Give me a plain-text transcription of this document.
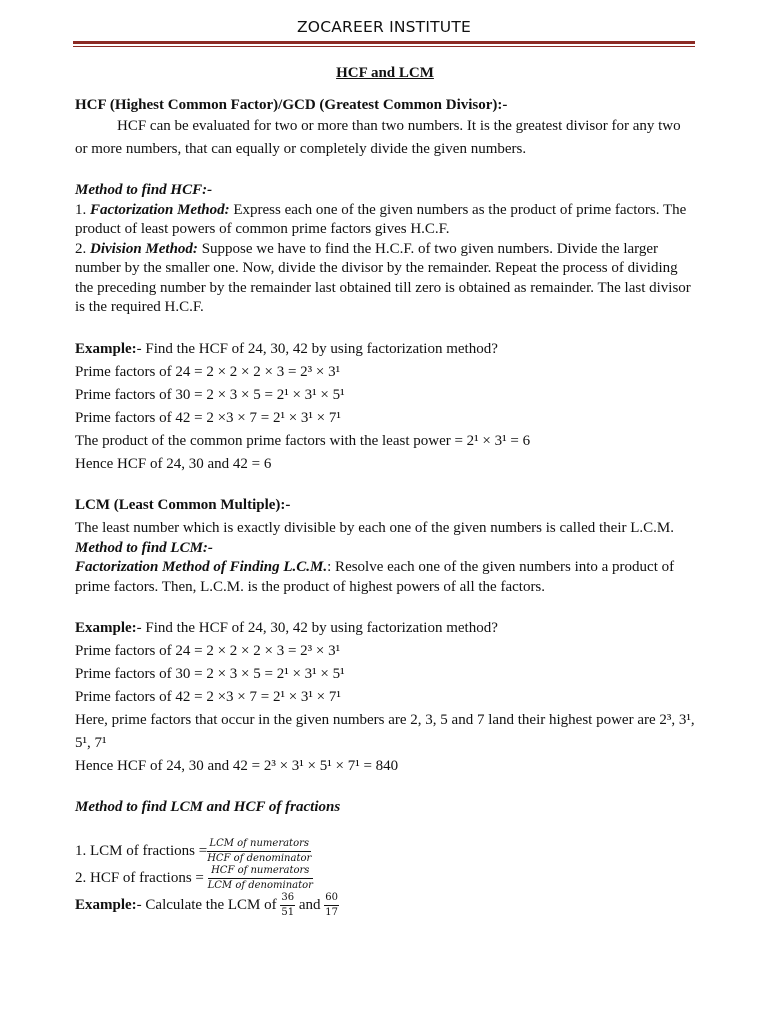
ZOCAREER INSTITUTE

HCF and LCM

HCF (Highest Common Factor)/GCD (Greatest Common Divisor):-

HCF can be evaluated for two or more than two numbers. It is the greatest divisor for any two or more numbers, that can equally or completely divide the given numbers.

Method to find HCF:-

1. Factorization Method: Express each one of the given numbers as the product of prime factors. The product of least powers of common prime factors gives H.C.F.

2. Division Method: Suppose we have to find the H.C.F. of two given numbers. Divide the larger number by the smaller one. Now, divide the divisor by the remainder. Repeat the process of dividing the preceding number by the remainder last obtained till zero is obtained as remainder. The last divisor is the required H.C.F.

Example:- Find the HCF of 24, 30, 42 by using factorization method?

Prime factors of 24 = 2 × 2 × 2 × 3 = 2³ × 3¹

Prime factors of 30 = 2 × 3 × 5 = 2¹ × 3¹ × 5¹

Prime factors of 42 = 2 ×3 × 7 = 2¹ × 3¹ × 7¹

The product of the common prime factors with the least power = 2¹ × 3¹ = 6

Hence HCF of 24, 30 and 42 = 6

LCM (Least Common Multiple):-

The least number which is exactly divisible by each one of the given numbers is called their L.C.M.

Method to find LCM:-

Factorization Method of Finding L.C.M.: Resolve each one of the given numbers into a product of prime factors. Then, L.C.M. is the product of highest powers of all the factors.

Example:- Find the HCF of 24, 30, 42 by using factorization method?

Prime factors of 24 = 2 × 2 × 2 × 3 = 2³ × 3¹

Prime factors of 30 = 2 × 3 × 5 = 2¹ × 3¹ × 5¹

Prime factors of 42 = 2 ×3 × 7 = 2¹ × 3¹ × 7¹

Here, prime factors that occur in the given numbers are 2, 3, 5 and 7 land their highest power are 2³, 3¹, 5¹, 7¹

Hence HCF of 24, 30 and 42 = 2³ × 3¹ × 5¹ × 7¹ = 840

Method to find LCM and HCF of fractions

1. LCM of fractions = $\frac{\text{LCM of numerators}}{\text{HCF of denominator}}$

2. HCF of fractions = $\frac{\text{HCF of numerators}}{\text{LCM of denominator}}$

Example:- Calculate the LCM of $\frac{36}{51}$ and $\frac{60}{17}$
